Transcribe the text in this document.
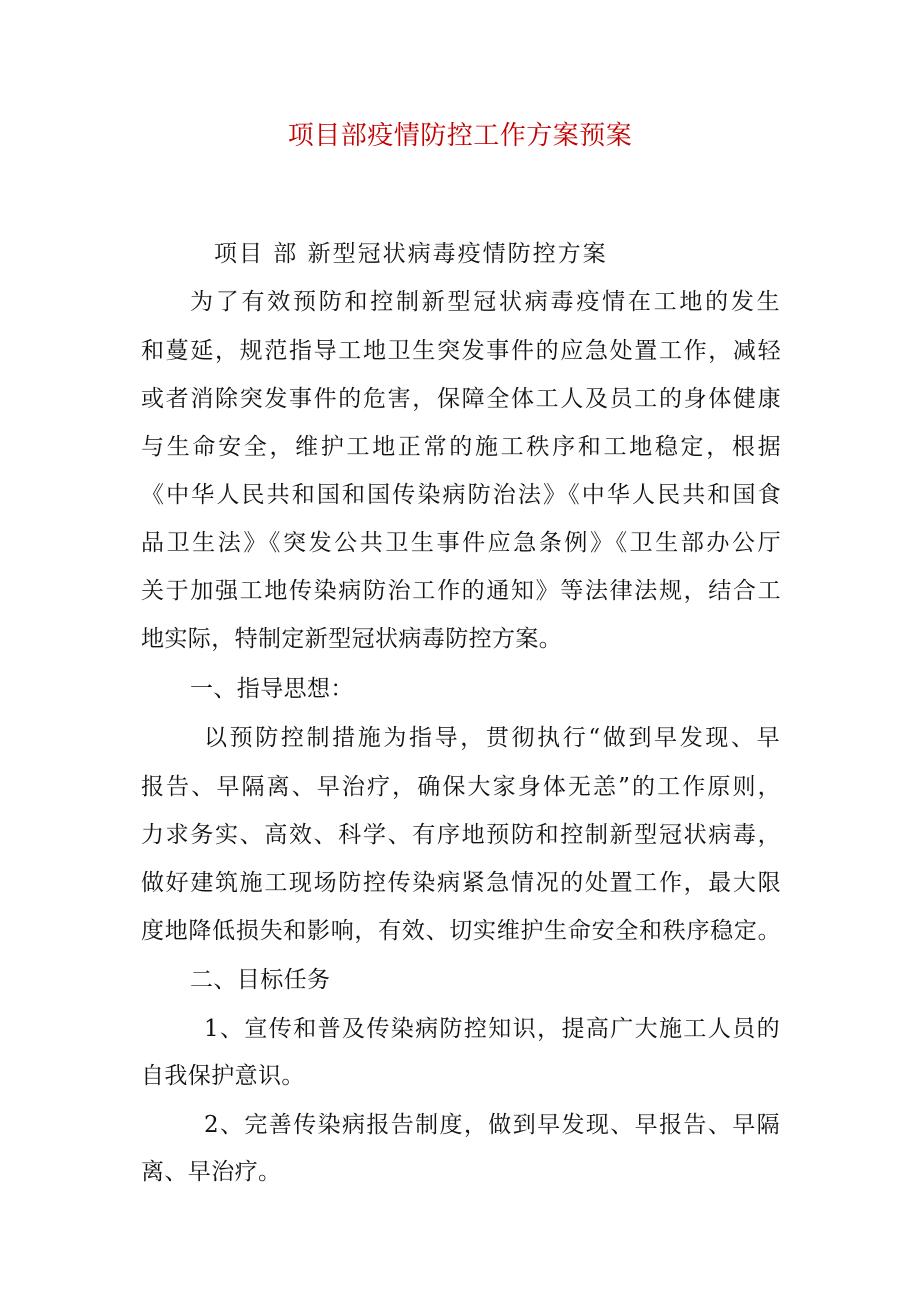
项目部疫情防控工作方案预案
项目 部 新型冠状病毒疫情防控方案
为了有效预防和控制新型冠状病毒疫情在工地的发生
和蔓延，规范指导工地卫生突发事件的应急处置工作，减轻
或者消除突发事件的危害，保障全体工人及员工的身体健康
与生命安全，维护工地正常的施工秩序和工地稳定，根据
《中华人民共和国和国传染病防治法》《中华人民共和国食
品卫生法》《突发公共卫生事件应急条例》《卫生部办公厅
关于加强工地传染病防治工作的通知》等法律法规，结合工
地实际，特制定新型冠状病毒防控方案。
一、指导思想：
以预防控制措施为指导，贯彻执行“做到早发现、早
报告、早隔离、早治疗，确保大家身体无恙”的工作原则，
力求务实、高效、科学、有序地预防和控制新型冠状病毒，
做好建筑施工现场防控传染病紧急情况的处置工作，最大限
度地降低损失和影响，有效、切实维护生命安全和秩序稳定。
二、目标任务
1、宣传和普及传染病防控知识，提高广大施工人员的
自我保护意识。
2、完善传染病报告制度，做到早发现、早报告、早隔
离、早治疗。
